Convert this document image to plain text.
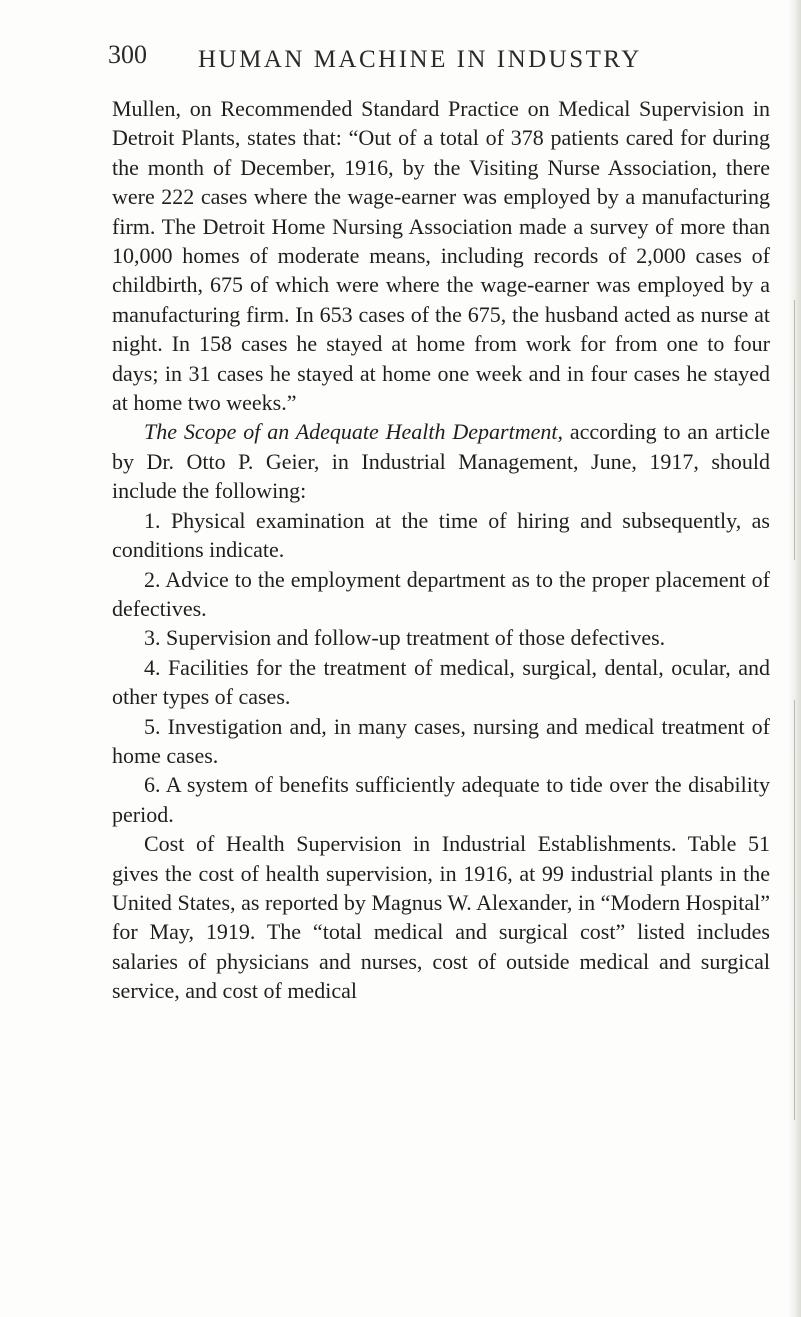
300 HUMAN MACHINE IN INDUSTRY

Mullen, on Recommended Standard Practice on Medical Supervision in Detroit Plants, states that: “Out of a total of 378 patients cared for during the month of December, 1916, by the Visiting Nurse Association, there were 222 cases where the wage-earner was employed by a manufacturing firm. The Detroit Home Nursing Association made a survey of more than 10,000 homes of moderate means, including records of 2,000 cases of childbirth, 675 of which were where the wage-earner was employed by a manufacturing firm. In 653 cases of the 675, the husband acted as nurse at night. In 158 cases he stayed at home from work for from one to four days; in 31 cases he stayed at home one week and in four cases he stayed at home two weeks.”

The Scope of an Adequate Health Department, according to an article by Dr. Otto P. Geier, in Industrial Management, June, 1917, should include the following:

1. Physical examination at the time of hiring and subsequently, as conditions indicate.

2. Advice to the employment department as to the proper placement of defectives.

3. Supervision and follow-up treatment of those defectives.

4. Facilities for the treatment of medical, surgical, dental, ocular, and other types of cases.

5. Investigation and, in many cases, nursing and medical treatment of home cases.

6. A system of benefits sufficiently adequate to tide over the disability period.

Cost of Health Supervision in Industrial Establishments. Table 51 gives the cost of health supervision, in 1916, at 99 industrial plants in the United States, as reported by Magnus W. Alexander, in “Modern Hospital” for May, 1919. The “total medical and surgical cost” listed includes salaries of physicians and nurses, cost of outside medical and surgical service, and cost of medical
